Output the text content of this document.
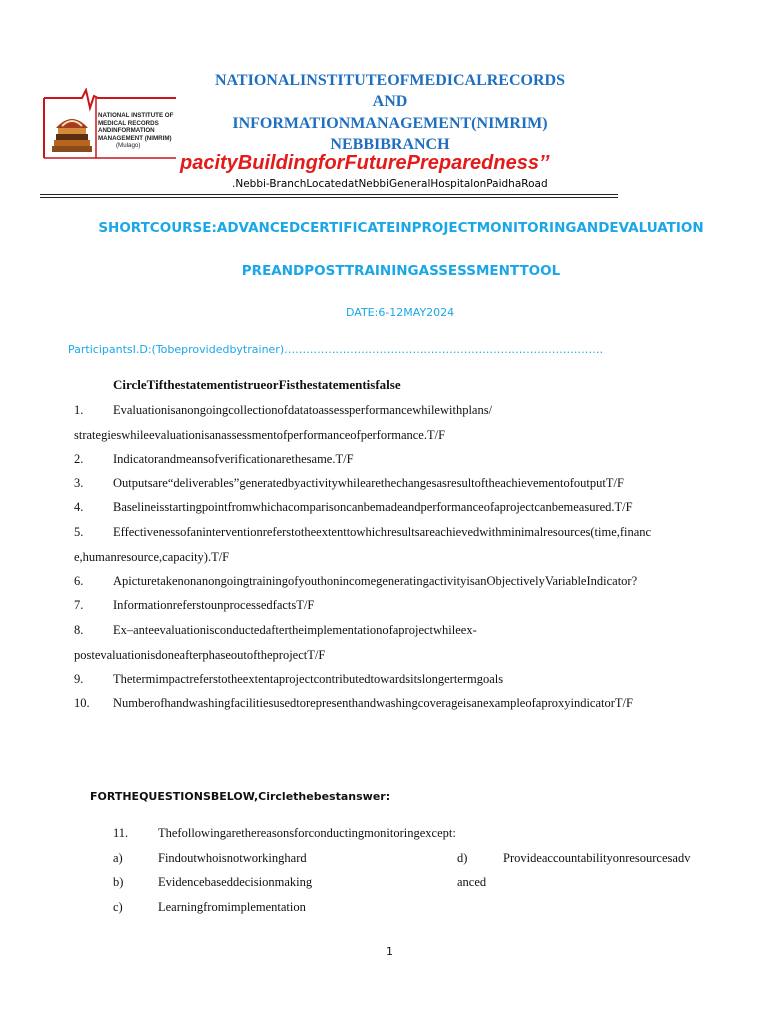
NATIONAL INSTITUTE OF
MEDICAL RECORDS
ANDINFORMATION
MANAGEMENT (NIMRIM)
(Mulago)
NATIONALINSTITUTEOFMEDICALRECORDS
AND
INFORMATIONMANAGEMENT(NIMRIM)
NEBBIBRANCH
pacityBuildingforFuturePreparedness’’
.Nebbi-BranchLocatedatNebbiGeneralHospitalonPaidhaRoad
SHORTCOURSE:ADVANCEDCERTIFICATEINPROJECTMONITORINGANDEVALUATION
PREANDPOSTTRAININGASSESSMENTTOOL
DATE:6-12MAY2024
ParticipantsI.D:(Tobeprovidedbytrainer)……………………………………………………………………………
CircleTifthestatementistrueorFisthestatementisfalse
1. Evaluationisanongoingcollectionofdatatoassessperformancewhilewithplans/
strategieswhileevaluationisanassessmentofperformanceofperformance.T/F
2. Indicatorandmeansofverificationarethesame.T/F
3. Outputsare“deliverables”generatedbyactivitywhilearethechangesasresultoftheachievementofoutputT/F
4. Baselineisstartingpointfromwhichacomparisoncanbemadeandperformanceofaprojectcanbemeasured.T/F
5. Effectivenessofaninterventionreferstotheextenttowhichresultsareachievedwithminimalresources(time,financ
e,humanresource,capacity).T/F
6. Apicturetakenonanongoingtrainingofyouthonincomegeneratingactivityisan​ObjectivelyVariableIndicator?
7. InformationreferstounprocessedfactsT/F
8. Ex–anteevaluationisconductedaftertheimplementationofaprojectwhileex-
postevaluationisdoneafterphaseoutoftheprojectT/F
9. Thetermimpactreferstotheextentaprojectcontributedtowardsitslongertermgoals
10. NumberofhandwashingfacilitiesusedtorepresenthandwashingcoverageisanexampleofaproxyindicatorT/F
FORTHEQUESTIONSBELOW,Circlethebestanswer:
11. Thefollowingarethereasonsforconductingmonitoringexcept:
a)	Findoutwhoisnotworkinghard
b)	Evidencebaseddecisionmaking
c)	Learningfromimplementation
d)	Provideaccountabilityonresourcesadv
anced
1
